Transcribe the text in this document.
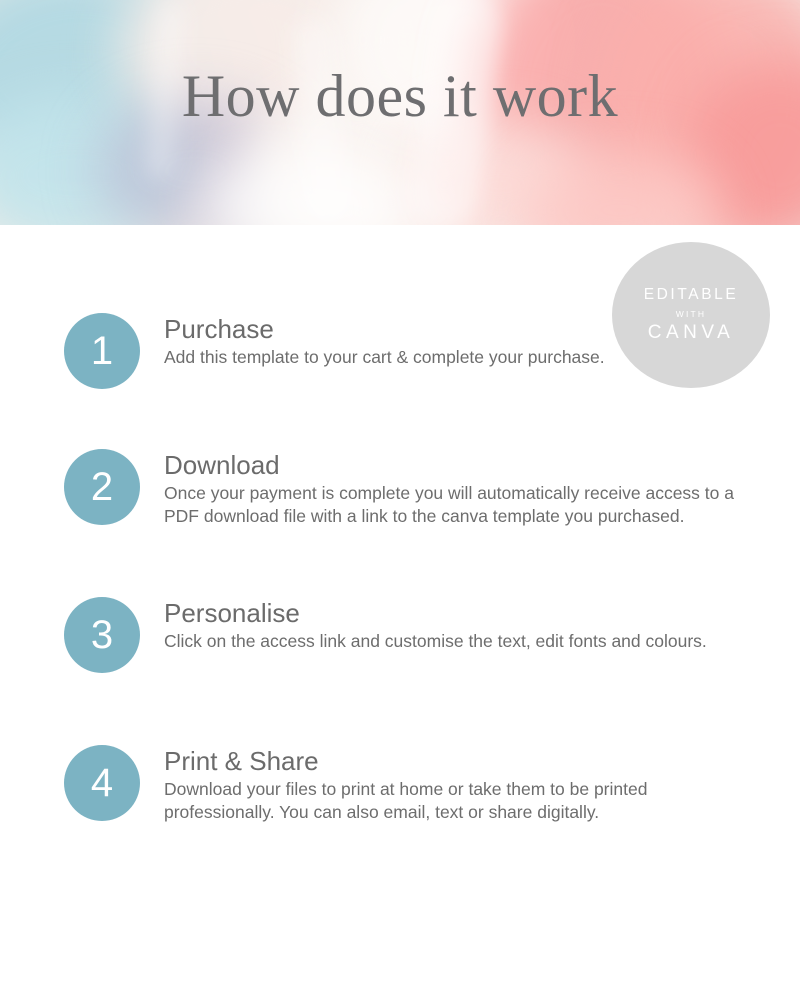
How does it work
EDITABLE
WITH
CANVA
1	Purchase
Add this template to your cart & complete your purchase.
2	Download
Once your payment is complete you will automatically receive access to a PDF download file with a link to the canva template you purchased.
3	Personalise
Click on the access link and customise the text, edit fonts and colours.
4	Print & Share
Download your files to print at home or take them to be printed professionally. You can also email, text or share digitally.
